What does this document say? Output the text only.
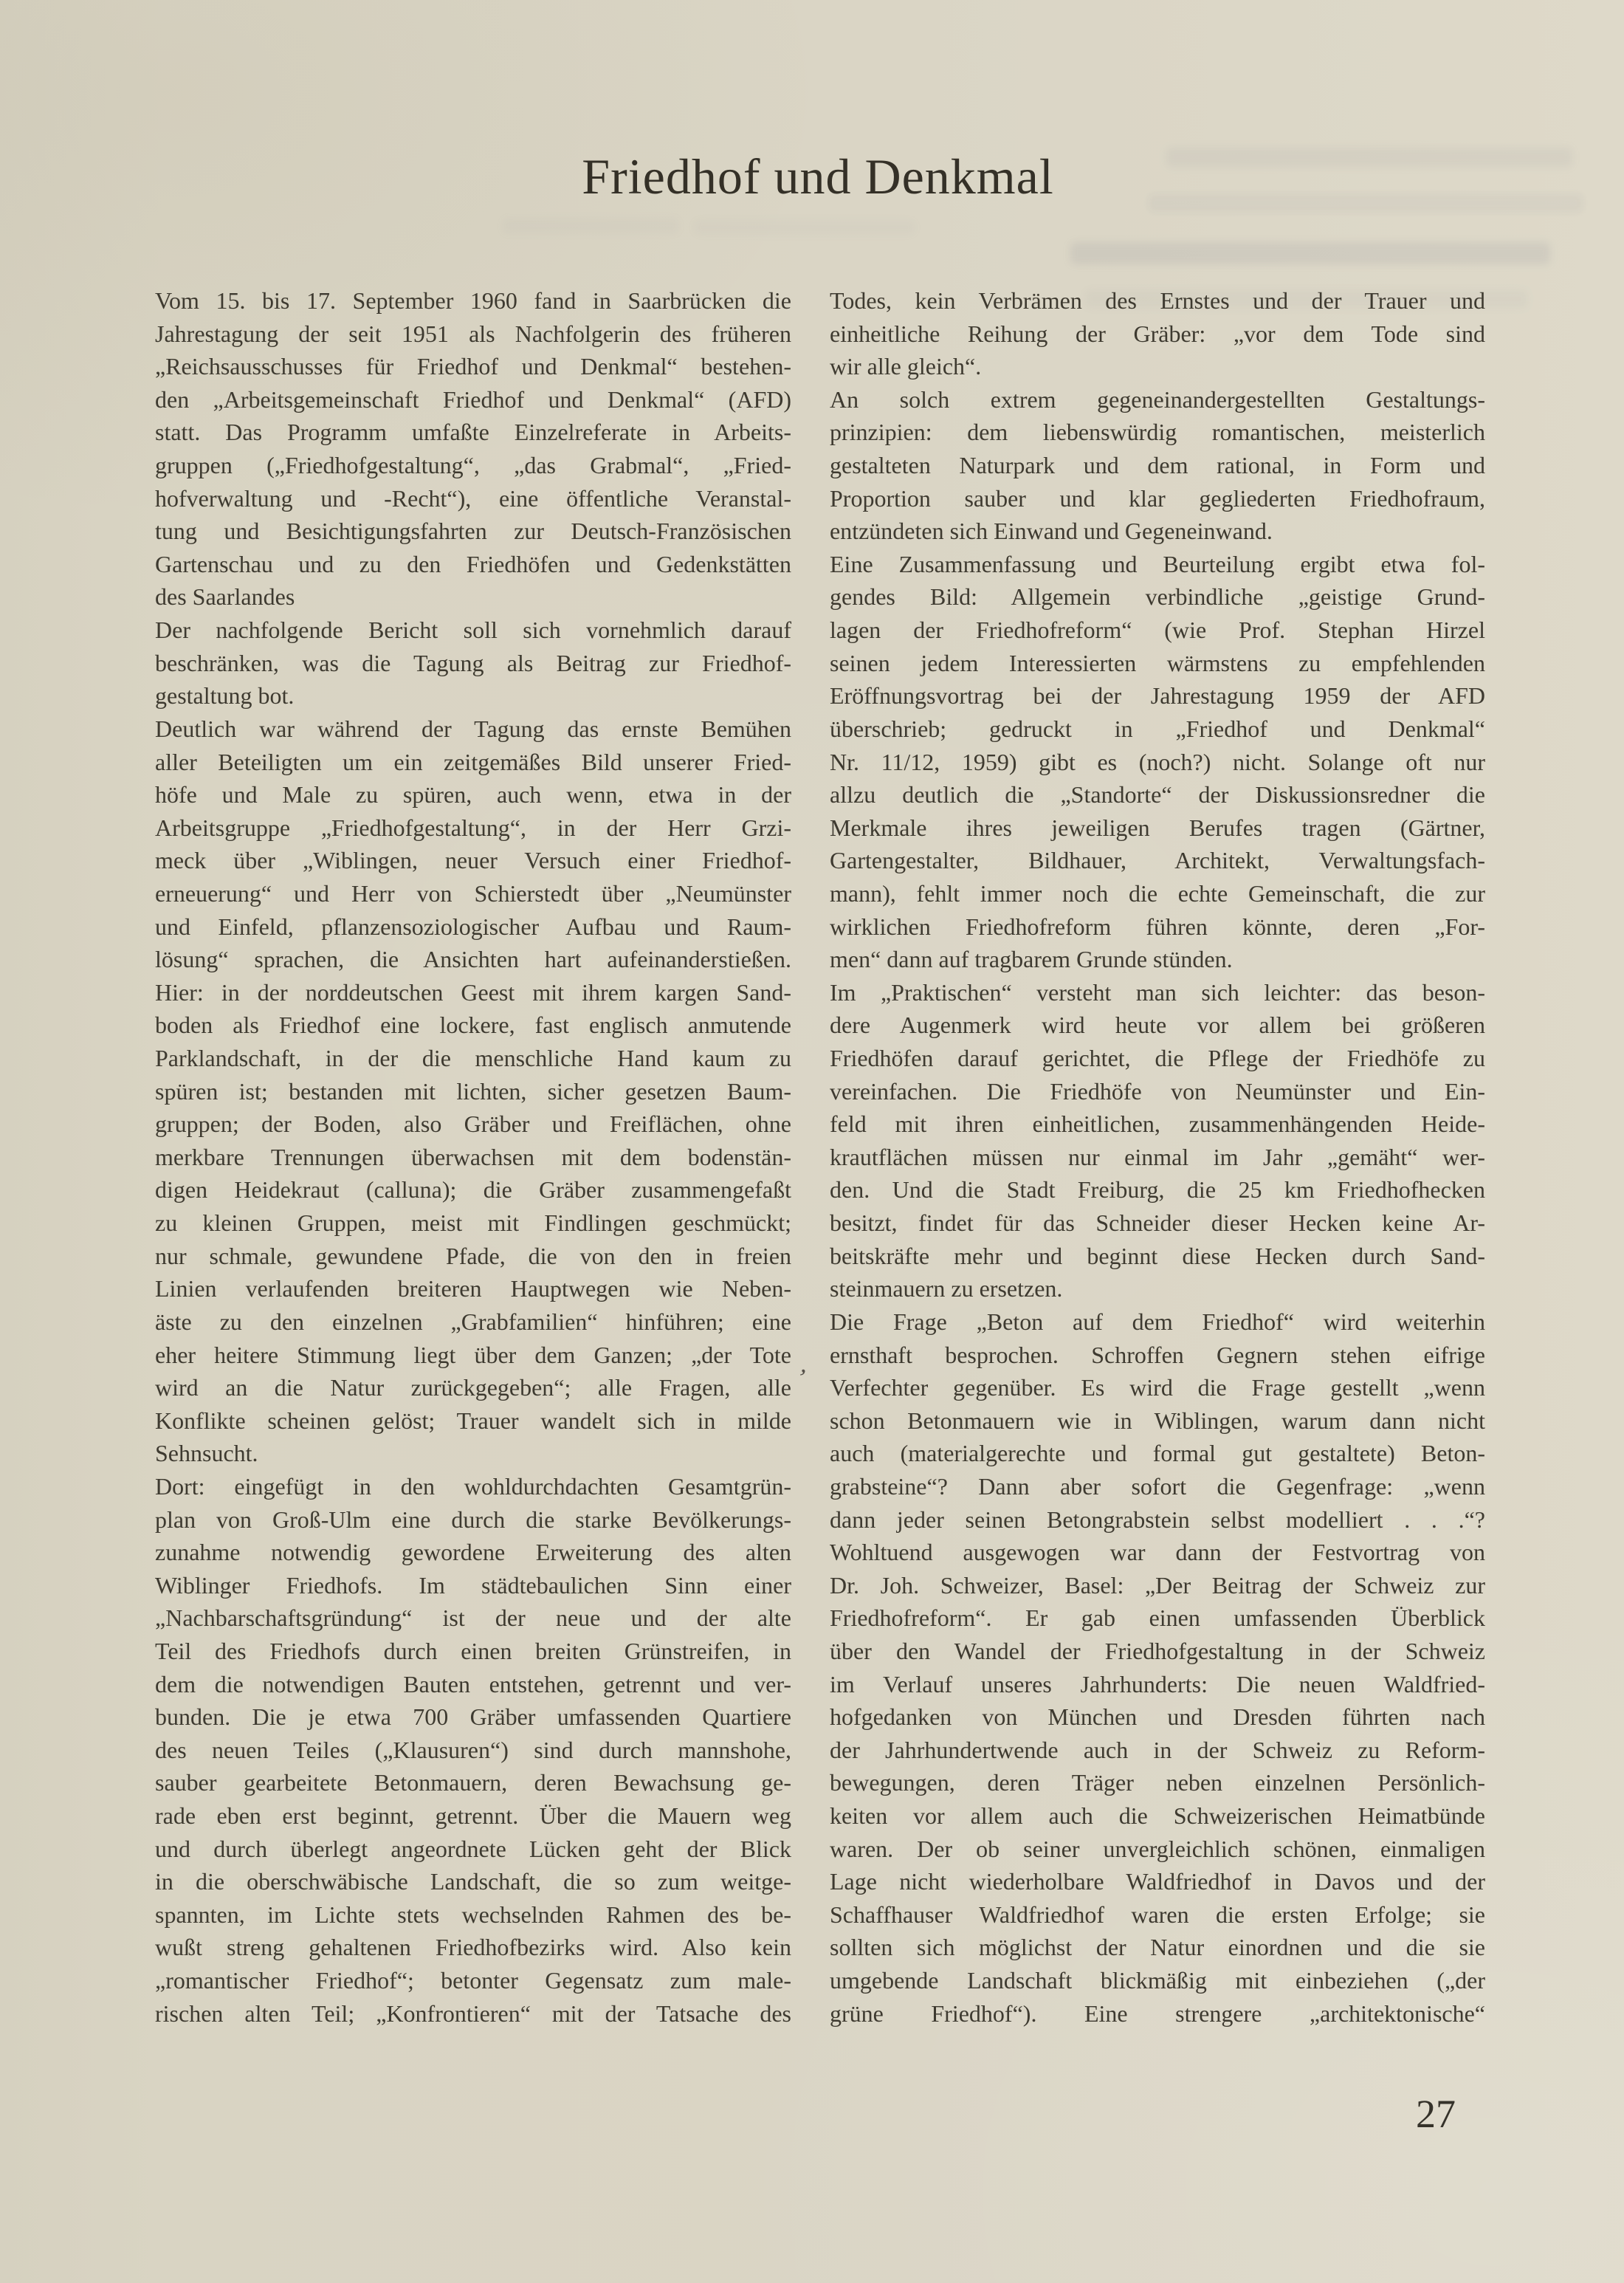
Friedhof und Denkmal
Vom 15. bis 17. September 1960 fand in Saarbrücken die
Jahrestagung der seit 1951 als Nachfolgerin des früheren
„Reichsausschusses für Friedhof und Denkmal“ bestehen-
den „Arbeitsgemeinschaft Friedhof und Denkmal“ (AFD)
statt. Das Programm umfaßte Einzelreferate in Arbeits-
gruppen („Friedhofgestaltung“, „das Grabmal“, „Fried-
hofverwaltung und -Recht“), eine öffentliche Veranstal-
tung und Besichtigungsfahrten zur Deutsch-Französischen
Gartenschau und zu den Friedhöfen und Gedenkstätten
des Saarlandes
Der nachfolgende Bericht soll sich vornehmlich darauf
beschränken, was die Tagung als Beitrag zur Friedhof-
gestaltung bot.
Deutlich war während der Tagung das ernste Bemühen
aller Beteiligten um ein zeitgemäßes Bild unserer Fried-
höfe und Male zu spüren, auch wenn, etwa in der
Arbeitsgruppe „Friedhofgestaltung“, in der Herr Grzi-
meck über „Wiblingen, neuer Versuch einer Friedhof-
erneuerung“ und Herr von Schierstedt über „Neumünster
und Einfeld, pflanzensoziologischer Aufbau und Raum-
lösung“ sprachen, die Ansichten hart aufeinanderstießen.
Hier: in der norddeutschen Geest mit ihrem kargen Sand-
boden als Friedhof eine lockere, fast englisch anmutende
Parklandschaft, in der die menschliche Hand kaum zu
spüren ist; bestanden mit lichten, sicher gesetzen Baum-
gruppen; der Boden, also Gräber und Freiflächen, ohne
merkbare Trennungen überwachsen mit dem bodenstän-
digen Heidekraut (calluna); die Gräber zusammengefaßt
zu kleinen Gruppen, meist mit Findlingen geschmückt;
nur schmale, gewundene Pfade, die von den in freien
Linien verlaufenden breiteren Hauptwegen wie Neben-
äste zu den einzelnen „Grabfamilien“ hinführen; eine
eher heitere Stimmung liegt über dem Ganzen; „der Tote
wird an die Natur zurückgegeben“; alle Fragen, alle
Konflikte scheinen gelöst; Trauer wandelt sich in milde
Sehnsucht.
Dort: eingefügt in den wohldurchdachten Gesamtgrün-
plan von Groß-Ulm eine durch die starke Bevölkerungs-
zunahme notwendig gewordene Erweiterung des alten
Wiblinger Friedhofs. Im städtebaulichen Sinn einer
„Nachbarschaftsgründung“ ist der neue und der alte
Teil des Friedhofs durch einen breiten Grünstreifen, in
dem die notwendigen Bauten entstehen, getrennt und ver-
bunden. Die je etwa 700 Gräber umfassenden Quartiere
des neuen Teiles („Klausuren“) sind durch mannshohe,
sauber gearbeitete Betonmauern, deren Bewachsung ge-
rade eben erst beginnt, getrennt. Über die Mauern weg
und durch überlegt angeordnete Lücken geht der Blick
in die oberschwäbische Landschaft, die so zum weitge-
spannten, im Lichte stets wechselnden Rahmen des be-
wußt streng gehaltenen Friedhofbezirks wird. Also kein
„romantischer Friedhof“; betonter Gegensatz zum male-
rischen alten Teil; „Konfrontieren“ mit der Tatsache des
Todes, kein Verbrämen des Ernstes und der Trauer und
einheitliche Reihung der Gräber: „vor dem Tode sind
wir alle gleich“.
An solch extrem gegeneinandergestellten Gestaltungs-
prinzipien: dem liebenswürdig romantischen, meisterlich
gestalteten Naturpark und dem rational, in Form und
Proportion sauber und klar gegliederten Friedhofraum,
entzündeten sich Einwand und Gegeneinwand.
Eine Zusammenfassung und Beurteilung ergibt etwa fol-
gendes Bild: Allgemein verbindliche „geistige Grund-
lagen der Friedhofreform“ (wie Prof. Stephan Hirzel
seinen jedem Interessierten wärmstens zu empfehlenden
Eröffnungsvortrag bei der Jahrestagung 1959 der AFD
überschrieb; gedruckt in „Friedhof und Denkmal“
Nr. 11/12, 1959) gibt es (noch?) nicht. Solange oft nur
allzu deutlich die „Standorte“ der Diskussionsredner die
Merkmale ihres jeweiligen Berufes tragen (Gärtner,
Gartengestalter, Bildhauer, Architekt, Verwaltungsfach-
mann), fehlt immer noch die echte Gemeinschaft, die zur
wirklichen Friedhofreform führen könnte, deren „For-
men“ dann auf tragbarem Grunde stünden.
Im „Praktischen“ versteht man sich leichter: das beson-
dere Augenmerk wird heute vor allem bei größeren
Friedhöfen darauf gerichtet, die Pflege der Friedhöfe zu
vereinfachen. Die Friedhöfe von Neumünster und Ein-
feld mit ihren einheitlichen, zusammenhängenden Heide-
krautflächen müssen nur einmal im Jahr „gemäht“ wer-
den. Und die Stadt Freiburg, die 25 km Friedhofhecken
besitzt, findet für das Schneider dieser Hecken keine Ar-
beitskräfte mehr und beginnt diese Hecken durch Sand-
steinmauern zu ersetzen.
Die Frage „Beton auf dem Friedhof“ wird weiterhin
ernsthaft besprochen. Schroffen Gegnern stehen eifrige
Verfechter gegenüber. Es wird die Frage gestellt „wenn
schon Betonmauern wie in Wiblingen, warum dann nicht
auch (materialgerechte und formal gut gestaltete) Beton-
grabsteine“? Dann aber sofort die Gegenfrage: „wenn
dann jeder seinen Betongrabstein selbst modelliert . . .“?
Wohltuend ausgewogen war dann der Festvortrag von
Dr. Joh. Schweizer, Basel: „Der Beitrag der Schweiz zur
Friedhofreform“. Er gab einen umfassenden Überblick
über den Wandel der Friedhofgestaltung in der Schweiz
im Verlauf unseres Jahrhunderts: Die neuen Waldfried-
hofgedanken von München und Dresden führten nach
der Jahrhundertwende auch in der Schweiz zu Reform-
bewegungen, deren Träger neben einzelnen Persönlich-
keiten vor allem auch die Schweizerischen Heimatbünde
waren. Der ob seiner unvergleichlich schönen, einmaligen
Lage nicht wiederholbare Waldfriedhof in Davos und der
Schaffhauser Waldfriedhof waren die ersten Erfolge; sie
sollten sich möglichst der Natur einordnen und die sie
umgebende Landschaft blickmäßig mit einbeziehen („der
grüne Friedhof“). Eine strengere „architektonische“
ʼ
27
